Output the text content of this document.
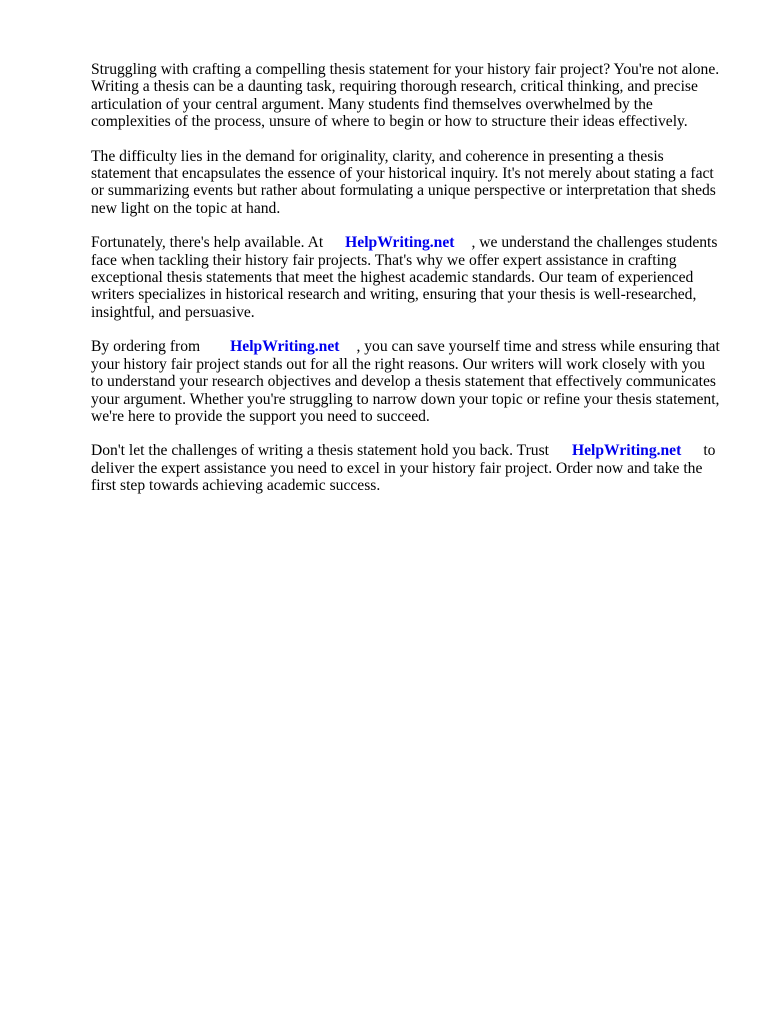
Struggling with crafting a compelling thesis statement for your history fair project? You're not alone. Writing a thesis can be a daunting task, requiring thorough research, critical thinking, and precise articulation of your central argument. Many students find themselves overwhelmed by the complexities of the process, unsure of where to begin or how to structure their ideas effectively.

The difficulty lies in the demand for originality, clarity, and coherence in presenting a thesis statement that encapsulates the essence of your historical inquiry. It's not merely about stating a fact or summarizing events but rather about formulating a unique perspective or interpretation that sheds new light on the topic at hand.

Fortunately, there's help available. At HelpWriting.net , we understand the challenges students face when tackling their history fair projects. That's why we offer expert assistance in crafting exceptional thesis statements that meet the highest academic standards. Our team of experienced writers specializes in historical research and writing, ensuring that your thesis is well-researched, insightful, and persuasive.

By ordering from HelpWriting.net , you can save yourself time and stress while ensuring that your history fair project stands out for all the right reasons. Our writers will work closely with you to understand your research objectives and develop a thesis statement that effectively communicates your argument. Whether you're struggling to narrow down your topic or refine your thesis statement, we're here to provide the support you need to succeed.

Don't let the challenges of writing a thesis statement hold you back. Trust HelpWriting.net to deliver the expert assistance you need to excel in your history fair project. Order now and take the first step towards achieving academic success.
